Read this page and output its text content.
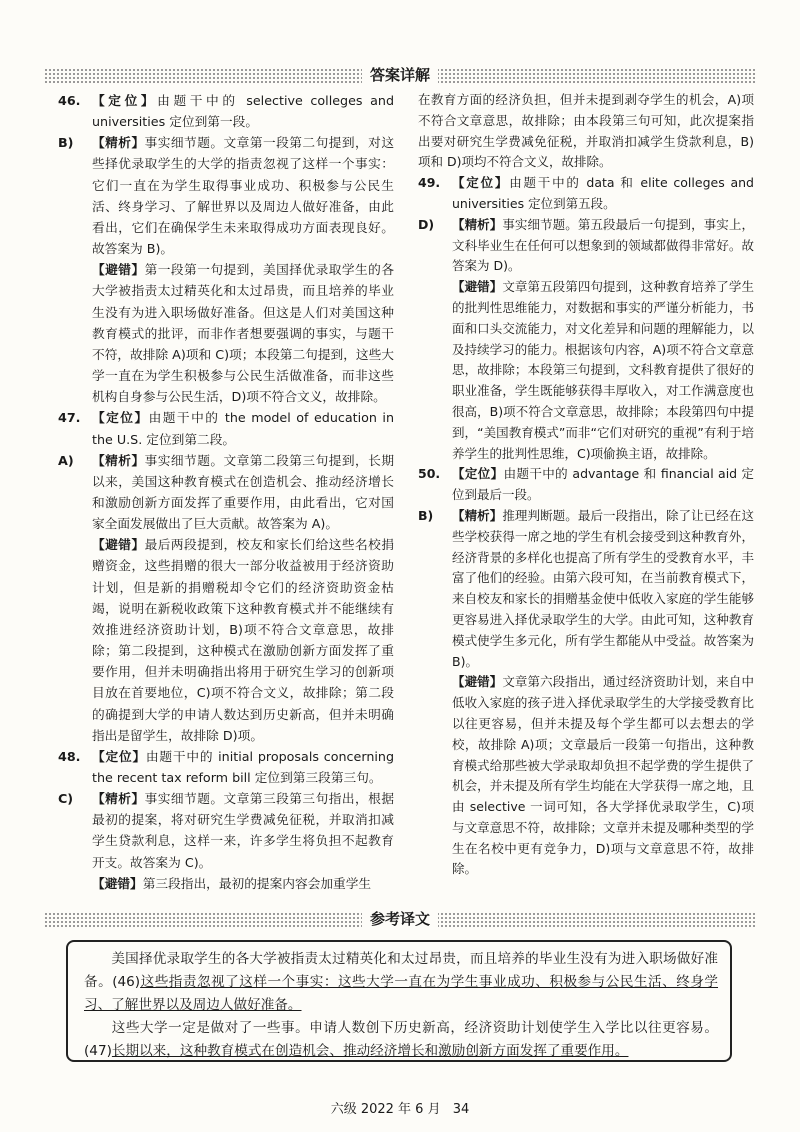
答案详解
46. 【定位】由题干中的 selective colleges and universities 定位到第一段。
B)	【精析】事实细节题。文章第一段第二句提到，对这些择优录取学生的大学的指责忽视了这样一个事实：它们一直在为学生取得事业成功、积极参与公民生活、终身学习、了解世界以及周边人做好准备，由此看出，它们在确保学生未来取得成功方面表现良好。故答案为 B)。

【避错】第一段第一句提到，美国择优录取学生的各大学被指责太过精英化和太过昂贵，而且培养的毕业生没有为进入职场做好准备。但这是人们对美国这种教育模式的批评，而非作者想要强调的事实，与题干不符，故排除 A)项和 C)项；本段第二句提到，这些大学一直在为学生积极参与公民生活做准备，而非这些机构自身参与公民生活，D)项不符合文义，故排除。

47. 【定位】由题干中的 the model of education in the U.S. 定位到第二段。
A)	【精析】事实细节题。文章第二段第三句提到，长期以来，美国这种教育模式在创造机会、推动经济增长和激励创新方面发挥了重要作用，由此看出，它对国家全面发展做出了巨大贡献。故答案为 A)。

【避错】最后两段提到，校友和家长们给这些名校捐赠资金，这些捐赠的很大一部分收益被用于经济资助计划，但是新的捐赠税却令它们的经济资助资金枯竭，说明在新税收政策下这种教育模式并不能继续有效推进经济资助计划，B)项不符合文章意思，故排除；第二段提到，这种模式在激励创新方面发挥了重要作用，但并未明确指出将用于研究生学习的创新项目放在首要地位，C)项不符合文义，故排除；第二段的确提到大学的申请人数达到历史新高，但并未明确指出是留学生，故排除 D)项。

48. 【定位】由题干中的 initial proposals concerning the recent tax reform bill 定位到第三段第三句。
C)	【精析】事实细节题。文章第三段第三句指出，根据最初的提案，将对研究生学费减免征税，并取消扣减学生贷款利息，这样一来，许多学生将负担不起教育开支。故答案为 C)。

【避错】第三段指出，最初的提案内容会加重学生

在教育方面的经济负担，但并未提到剥夺学生的机会，A)项不符合文章意思，故排除；由本段第三句可知，此次提案指出要对研究生学费减免征税，并取消扣减学生贷款利息，B)项和 D)项均不符合文义，故排除。

49. 【定位】由题干中的 data 和 elite colleges and universities 定位到第五段。
D)	【精析】事实细节题。第五段最后一句提到，事实上，文科毕业生在任何可以想象到的领域都做得非常好。故答案为 D)。

【避错】文章第五段第四句提到，这种教育培养了学生的批判性思维能力，对数据和事实的严谨分析能力，书面和口头交流能力，对文化差异和问题的理解能力，以及持续学习的能力。根据该句内容，A)项不符合文章意思，故排除；本段第三句提到，文科教育提供了很好的职业准备，学生既能够获得丰厚收入，对工作满意度也很高，B)项不符合文章意思，故排除；本段第四句中提到，“美国教育模式”而非“它们对研究的重视”有利于培养学生的批判性思维，C)项偷换主语，故排除。

50. 【定位】由题干中的 advantage 和 financial aid 定位到最后一段。
B)	【精析】推理判断题。最后一段指出，除了让已经在这些学校获得一席之地的学生有机会接受到这种教育外，经济背景的多样化也提高了所有学生的受教育水平，丰富了他们的经验。由第六段可知，在当前教育模式下，来自校友和家长的捐赠基金使中低收入家庭的学生能够更容易进入择优录取学生的大学。由此可知，这种教育模式使学生多元化，所有学生都能从中受益。故答案为 B)。

【避错】文章第六段指出，通过经济资助计划，来自中低收入家庭的孩子进入择优录取学生的大学接受教育比以往更容易，但并未提及每个学生都可以去想去的学校，故排除 A)项；文章最后一段第一句指出，这种教育模式给那些被大学录取却负担不起学费的学生提供了机会，并未提及所有学生均能在大学获得一席之地，且由 selective 一词可知，各大学择优录取学生，C)项与文章意思不符，故排除；文章并未提及哪种类型的学生在名校中更有竞争力，D)项与文章意思不符，故排除。

参考译文

  美国择优录取学生的各大学被指责太过精英化和太过昂贵，而且培养的毕业生没有为进入职场做好准备。(46)这些指责忽视了这样一个事实：这些大学一直在为学生事业成功、积极参与公民生活、终身学习、了解世界以及周边人做好准备。

  这些大学一定是做对了一些事。申请人数创下历史新高，经济资助计划使学生入学比以往更容易。(47)长期以来，这种教育模式在创造机会、推动经济增长和激励创新方面发挥了重要作用。

六级 2022 年 6 月 34
